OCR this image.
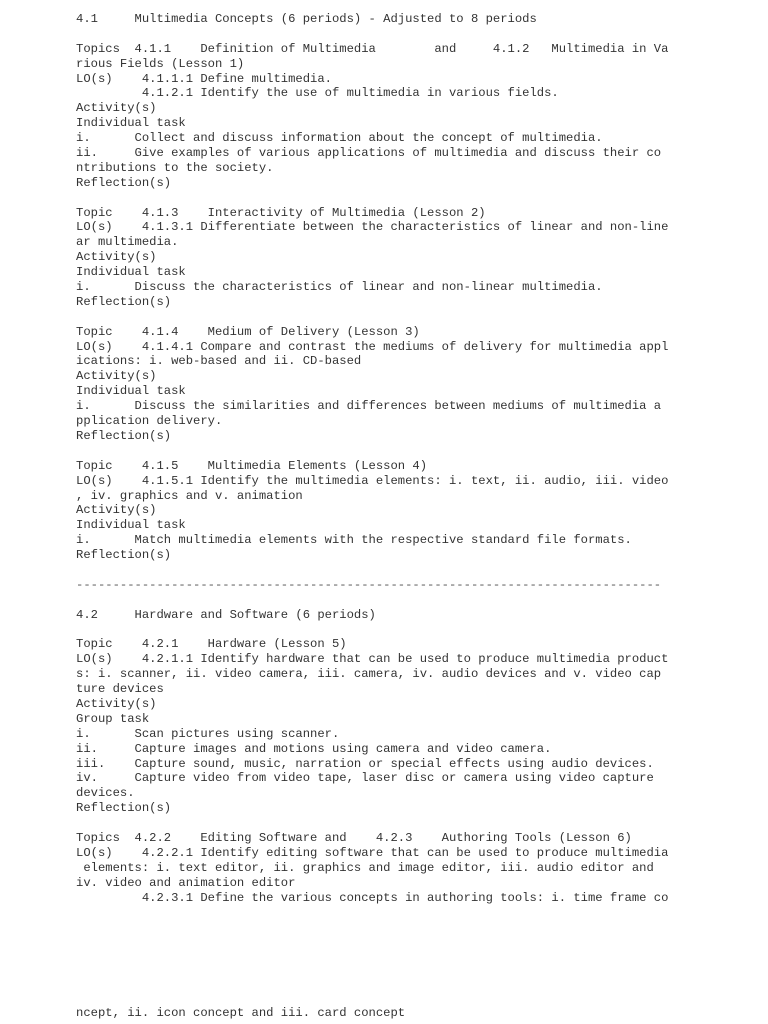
4.1     Multimedia Concepts (6 periods) - Adjusted to 8 periods
Topics  4.1.1    Definition of Multimedia        and     4.1.2   Multimedia in Va
rious Fields (Lesson 1)
LO(s)    4.1.1.1 Define multimedia.
4.1.2.1 Identify the use of multimedia in various fields.
Activity(s)
Individual task
i.      Collect and discuss information about the concept of multimedia.
ii.     Give examples of various applications of multimedia and discuss their co
ntributions to the society.
Reflection(s)
Topic    4.1.3    Interactivity of Multimedia (Lesson 2)
LO(s)    4.1.3.1 Differentiate between the characteristics of linear and non-line
ar multimedia.
Activity(s)
Individual task
i.      Discuss the characteristics of linear and non-linear multimedia.
Reflection(s)
Topic    4.1.4    Medium of Delivery (Lesson 3)
LO(s)    4.1.4.1 Compare and contrast the mediums of delivery for multimedia appl
ications: i. web-based and ii. CD-based
Activity(s)
Individual task
i.      Discuss the similarities and differences between mediums of multimedia a
pplication delivery.
Reflection(s)
Topic    4.1.5    Multimedia Elements (Lesson 4)
LO(s)    4.1.5.1 Identify the multimedia elements: i. text, ii. audio, iii. video
, iv. graphics and v. animation
Activity(s)
Individual task
i.      Match multimedia elements with the respective standard file formats.
Reflection(s)
--------------------------------------------------------------------------------
4.2     Hardware and Software (6 periods)
Topic    4.2.1    Hardware (Lesson 5)
LO(s)    4.2.1.1 Identify hardware that can be used to produce multimedia product
s: i. scanner, ii. video camera, iii. camera, iv. audio devices and v. video cap
ture devices
Activity(s)
Group task
i.      Scan pictures using scanner.
ii.     Capture images and motions using camera and video camera.
iii.    Capture sound, music, narration or special effects using audio devices.
iv.     Capture video from video tape, laser disc or camera using video capture
devices.
Reflection(s)
Topics  4.2.2    Editing Software and    4.2.3    Authoring Tools (Lesson 6)
LO(s)    4.2.2.1 Identify editing software that can be used to produce multimedia
elements: i. text editor, ii. graphics and image editor, iii. audio editor and
iv. video and animation editor
4.2.3.1 Define the various concepts in authoring tools: i. time frame co
ncept, ii. icon concept and iii. card concept
